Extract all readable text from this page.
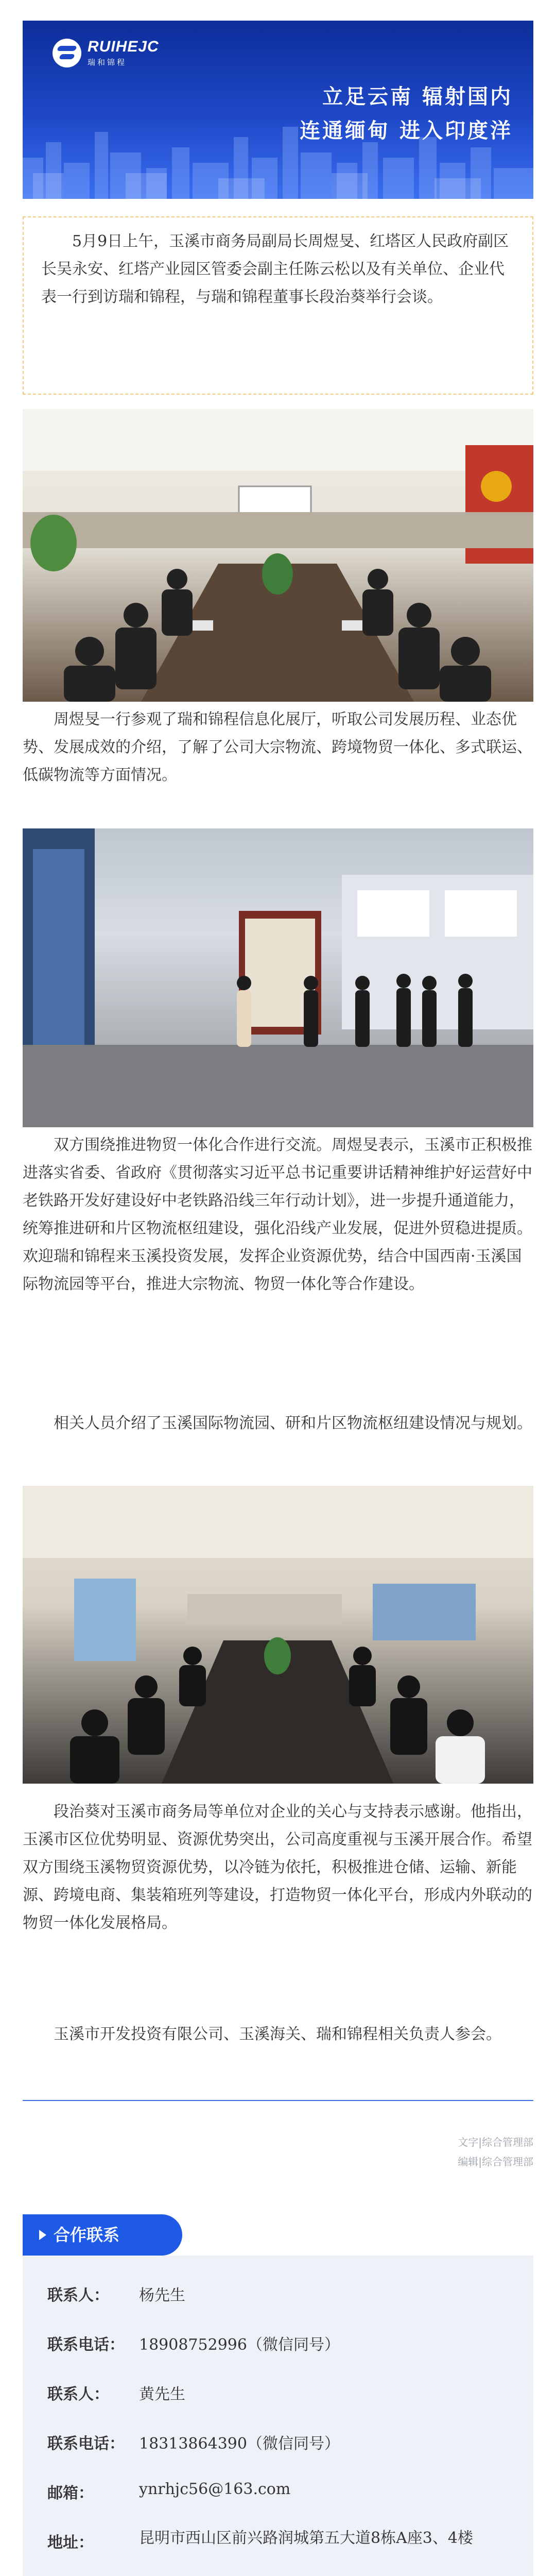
RUIHEJC
瑞和锦程
立足云南 辐射国内
连通缅甸 进入印度洋

5月9日上午，玉溪市商务局副局长周煜旻、红塔区人民政府副区长吴永安、红塔产业园区管委会副主任陈云松以及有关单位、企业代表一行到访瑞和锦程，与瑞和锦程董事长段治葵举行会谈。

周煜旻一行参观了瑞和锦程信息化展厅，听取公司发展历程、业态优势、发展成效的介绍，了解了公司大宗物流、跨境物贸一体化、多式联运、低碳物流等方面情况。

双方围绕推进物贸一体化合作进行交流。周煜旻表示，玉溪市正积极推进落实省委、省政府《贯彻落实习近平总书记重要讲话精神维护好运营好中老铁路开发好建设好中老铁路沿线三年行动计划》，进一步提升通道能力，统筹推进研和片区物流枢纽建设，强化沿线产业发展，促进外贸稳进提质。欢迎瑞和锦程来玉溪投资发展，发挥企业资源优势，结合中国西南·玉溪国际物流园等平台，推进大宗物流、物贸一体化等合作建设。

相关人员介绍了玉溪国际物流园、研和片区物流枢纽建设情况与规划。

段治葵对玉溪市商务局等单位对企业的关心与支持表示感谢。他指出，玉溪市区位优势明显、资源优势突出，公司高度重视与玉溪开展合作。希望双方围绕玉溪物贸资源优势，以冷链为依托，积极推进仓储、运输、新能源、跨境电商、集装箱班列等建设，打造物贸一体化平台，形成内外联动的物贸一体化发展格局。

玉溪市开发投资有限公司、玉溪海关、瑞和锦程相关负责人参会。

文字|综合管理部
编辑|综合管理部
合作联系
联系人： 杨先生
联系电话： 18908752996（微信同号）
联系人： 黄先生
联系电话： 18313864390（微信同号）
邮箱：	ynrhjc56@163.com
地址：	昆明市西山区前兴路润城第五大道8栋A座3、4楼
